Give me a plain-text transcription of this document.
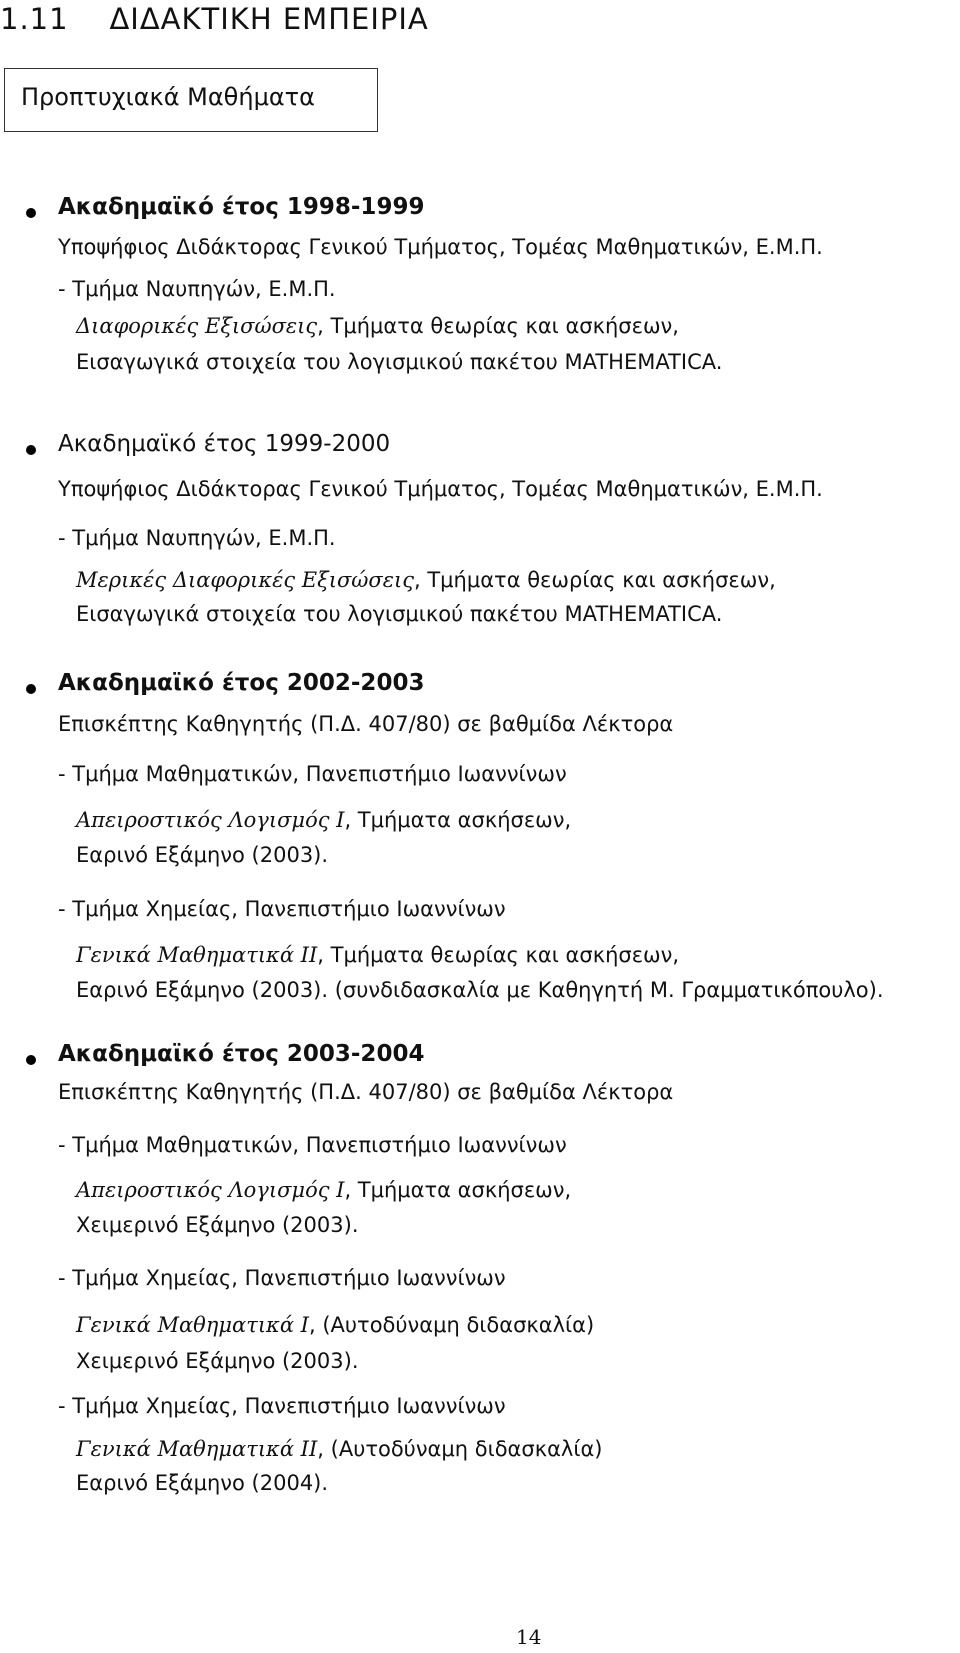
1.11 ΔΙΔΑΚΤΙΚΗ ΕΜΠΕΙΡΙΑ
Προπτυχιακά Μαθήματα
Ακαδημαϊκό έτος 1998-1999
Υποψήφιος Διδάκτορας Γενικού Τμήματος, Τομέας Μαθηματικών, Ε.Μ.Π.
- Τμήμα Ναυπηγών, Ε.Μ.Π.
Διαφορικές Εξισώσεις, Τμήματα θεωρίας και ασκήσεων,
Εισαγωγικά στοιχεία του λογισμικού πακέτου MATHEMATICA.
Ακαδημαϊκό έτος 1999-2000
Υποψήφιος Διδάκτορας Γενικού Τμήματος, Τομέας Μαθηματικών, Ε.Μ.Π.
- Τμήμα Ναυπηγών, Ε.Μ.Π.
Μερικές Διαφορικές Εξισώσεις, Τμήματα θεωρίας και ασκήσεων,
Εισαγωγικά στοιχεία του λογισμικού πακέτου MATHEMATICA.
Ακαδημαϊκό έτος 2002-2003
Επισκέπτης Καθηγητής (Π.Δ. 407/80) σε βαθμίδα Λέκτορα
- Τμήμα Μαθηματικών, Πανεπιστήμιο Ιωαννίνων
Απειροστικός Λογισμός Ι, Τμήματα ασκήσεων,
Εαρινό Εξάμηνο (2003).
- Τμήμα Χημείας, Πανεπιστήμιο Ιωαννίνων
Γενικά Μαθηματικά ΙΙ, Τμήματα θεωρίας και ασκήσεων,
Εαρινό Εξάμηνο (2003). (συνδιδασκαλία με Καθηγητή Μ. Γραμματικόπουλο).
Ακαδημαϊκό έτος 2003-2004
Επισκέπτης Καθηγητής (Π.Δ. 407/80) σε βαθμίδα Λέκτορα
- Τμήμα Μαθηματικών, Πανεπιστήμιο Ιωαννίνων
Απειροστικός Λογισμός Ι, Τμήματα ασκήσεων,
Χειμερινό Εξάμηνο (2003).
- Τμήμα Χημείας, Πανεπιστήμιο Ιωαννίνων
Γενικά Μαθηματικά Ι, (Αυτοδύναμη διδασκαλία)
Χειμερινό Εξάμηνο (2003).
- Τμήμα Χημείας, Πανεπιστήμιο Ιωαννίνων
Γενικά Μαθηματικά ΙΙ, (Αυτοδύναμη διδασκαλία)
Εαρινό Εξάμηνο (2004).
14
